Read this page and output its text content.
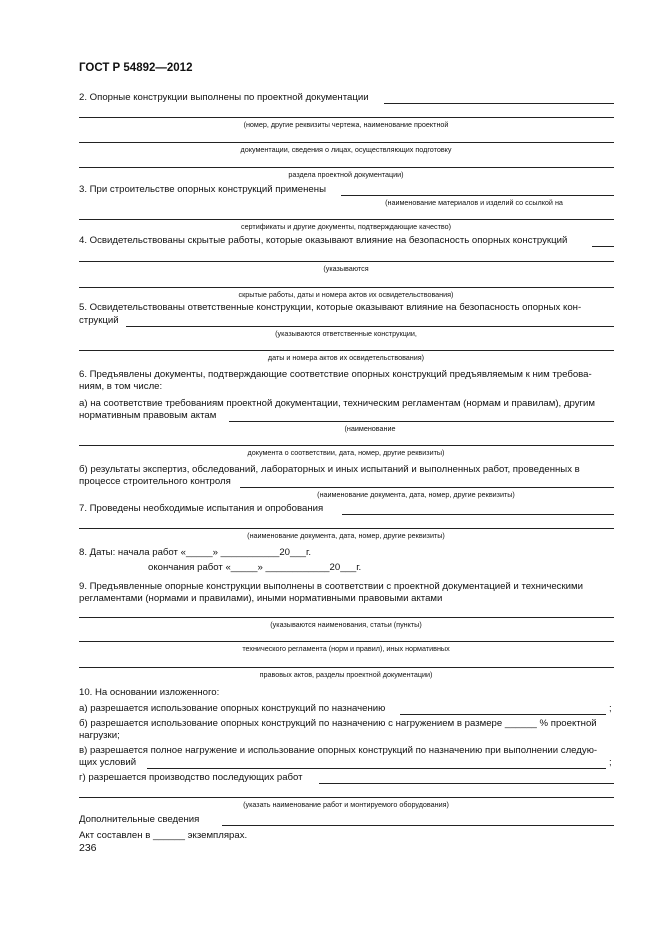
ГОСТ Р 54892—2012
2. Опорные конструкции выполнены по проектной документации
(номер, другие реквизиты чертежа, наименование проектной
документации, сведения о лицах, осуществляющих подготовку
раздела проектной документации)
3. При строительстве опорных конструкций применены
(наименование материалов и изделий со ссылкой на
сертификаты и другие документы, подтверждающие качество)
4. Освидетельствованы скрытые работы, которые оказывают влияние на безопасность опорных конструкций
(указываются
скрытые работы, даты и номера актов их освидетельствования)
5. Освидетельствованы ответственные конструкции, которые оказывают влияние на безопасность опорных кон-
струкций
(указываются ответственные конструкции,
даты и номера актов их освидетельствования)
6. Предъявлены документы, подтверждающие соответствие опорных конструкций предъявляемым к ним требова-
ниям, в том числе:
а) на соответствие требованиям проектной документации, техническим регламентам (нормам и правилам), другим
нормативным правовым актам
(наименование
документа о соответствии, дата, номер, другие реквизиты)
б) результаты экспертиз, обследований, лабораторных и иных испытаний и выполненных работ, проведенных в
процессе строительного контроля
(наименование документа, дата, номер, другие реквизиты)
7. Проведены необходимые испытания и опробования
(наименование документа, дата, номер, другие реквизиты)
8. Даты: начала работ «_____» ___________20___г.
окончания работ «_____» ____________20___г.
9. Предъявленные опорные конструкции выполнены в соответствии с проектной документацией и техническими
регламентами (нормами и правилами), иными нормативными правовыми актами
(указываются наименования, статьи (пункты)
технического регламента (норм и правил), иных нормативных
правовых актов, разделы проектной документации)
10. На основании изложенного:
а) разрешается использование опорных конструкций по назначению	;
б) разрешается использование опорных конструкций по назначению с нагружением в размере ______ % проектной
нагрузки;
в) разрешается полное нагружение и использование опорных конструкций по назначению при выполнении следую-
щих условий	;
г) разрешается производство последующих работ
(указать наименование работ и монтируемого оборудования)
Дополнительные сведения
Акт составлен в ______ экземплярах.
236
